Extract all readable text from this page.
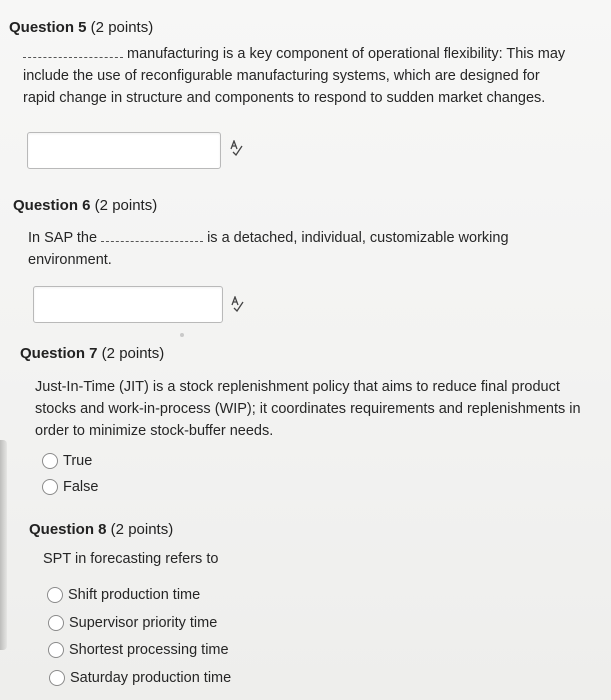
Question 5 (2 points)
manufacturing is a key component of operational flexibility: This may
include the use of reconfigurable manufacturing systems, which are designed for
rapid change in structure and components to respond to sudden market changes.
Question 6 (2 points)
In SAP the	is a detached, individual, customizable working
environment.
Question 7 (2 points)
Just-In-Time (JIT) is a stock replenishment policy that aims to reduce final product
stocks and work-in-process (WIP); it coordinates requirements and replenishments in
order to minimize stock-buffer needs.
True
False
Question 8 (2 points)
SPT in forecasting refers to
Shift production time
Supervisor priority time
Shortest processing time
Saturday production time
